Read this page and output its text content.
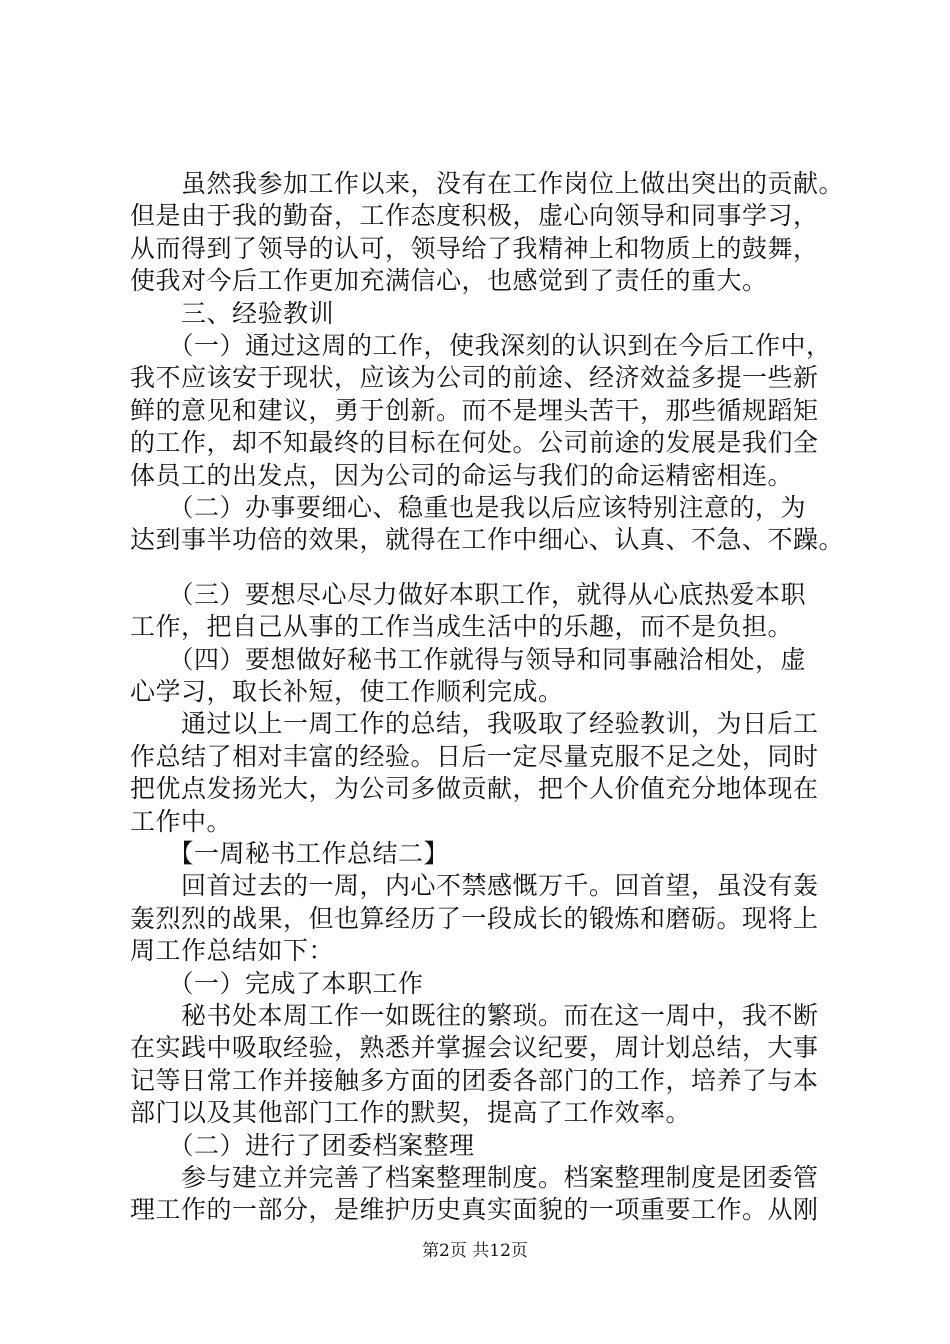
　　虽然我参加工作以来，没有在工作岗位上做出突出的贡献。
但是由于我的勤奋，工作态度积极，虚心向领导和同事学习，
从而得到了领导的认可，领导给了我精神上和物质上的鼓舞，
使我对今后工作更加充满信心，也感觉到了责任的重大。
　　三、经验教训
　　（一）通过这周的工作，使我深刻的认识到在今后工作中，
我不应该安于现状，应该为公司的前途、经济效益多提一些新
鲜的意见和建议，勇于创新。而不是埋头苦干，那些循规蹈矩
的工作，却不知最终的目标在何处。公司前途的发展是我们全
体员工的出发点，因为公司的命运与我们的命运精密相连。
　　（二）办事要细心、稳重也是我以后应该特别注意的，为
达到事半功倍的效果，就得在工作中细心、认真、不急、不躁。
　　（三）要想尽心尽力做好本职工作，就得从心底热爱本职
工作，把自己从事的工作当成生活中的乐趣，而不是负担。
　　（四）要想做好秘书工作就得与领导和同事融洽相处，虚
心学习，取长补短，使工作顺利完成。
　　通过以上一周工作的总结，我吸取了经验教训，为日后工
作总结了相对丰富的经验。日后一定尽量克服不足之处，同时
把优点发扬光大，为公司多做贡献，把个人价值充分地体现在
工作中。
　　【一周秘书工作总结二】
　　回首过去的一周，内心不禁感慨万千。回首望，虽没有轰
轰烈烈的战果，但也算经历了一段成长的锻炼和磨砺。现将上
周工作总结如下：
　　（一）完成了本职工作
　　秘书处本周工作一如既往的繁琐。而在这一周中，我不断
在实践中吸取经验，熟悉并掌握会议纪要，周计划总结，大事
记等日常工作并接触多方面的团委各部门的工作，培养了与本
部门以及其他部门工作的默契，提高了工作效率。
　　（二）进行了团委档案整理
　　参与建立并完善了档案整理制度。档案整理制度是团委管
理工作的一部分，是维护历史真实面貌的一项重要工作。从刚
第2页 共12页
